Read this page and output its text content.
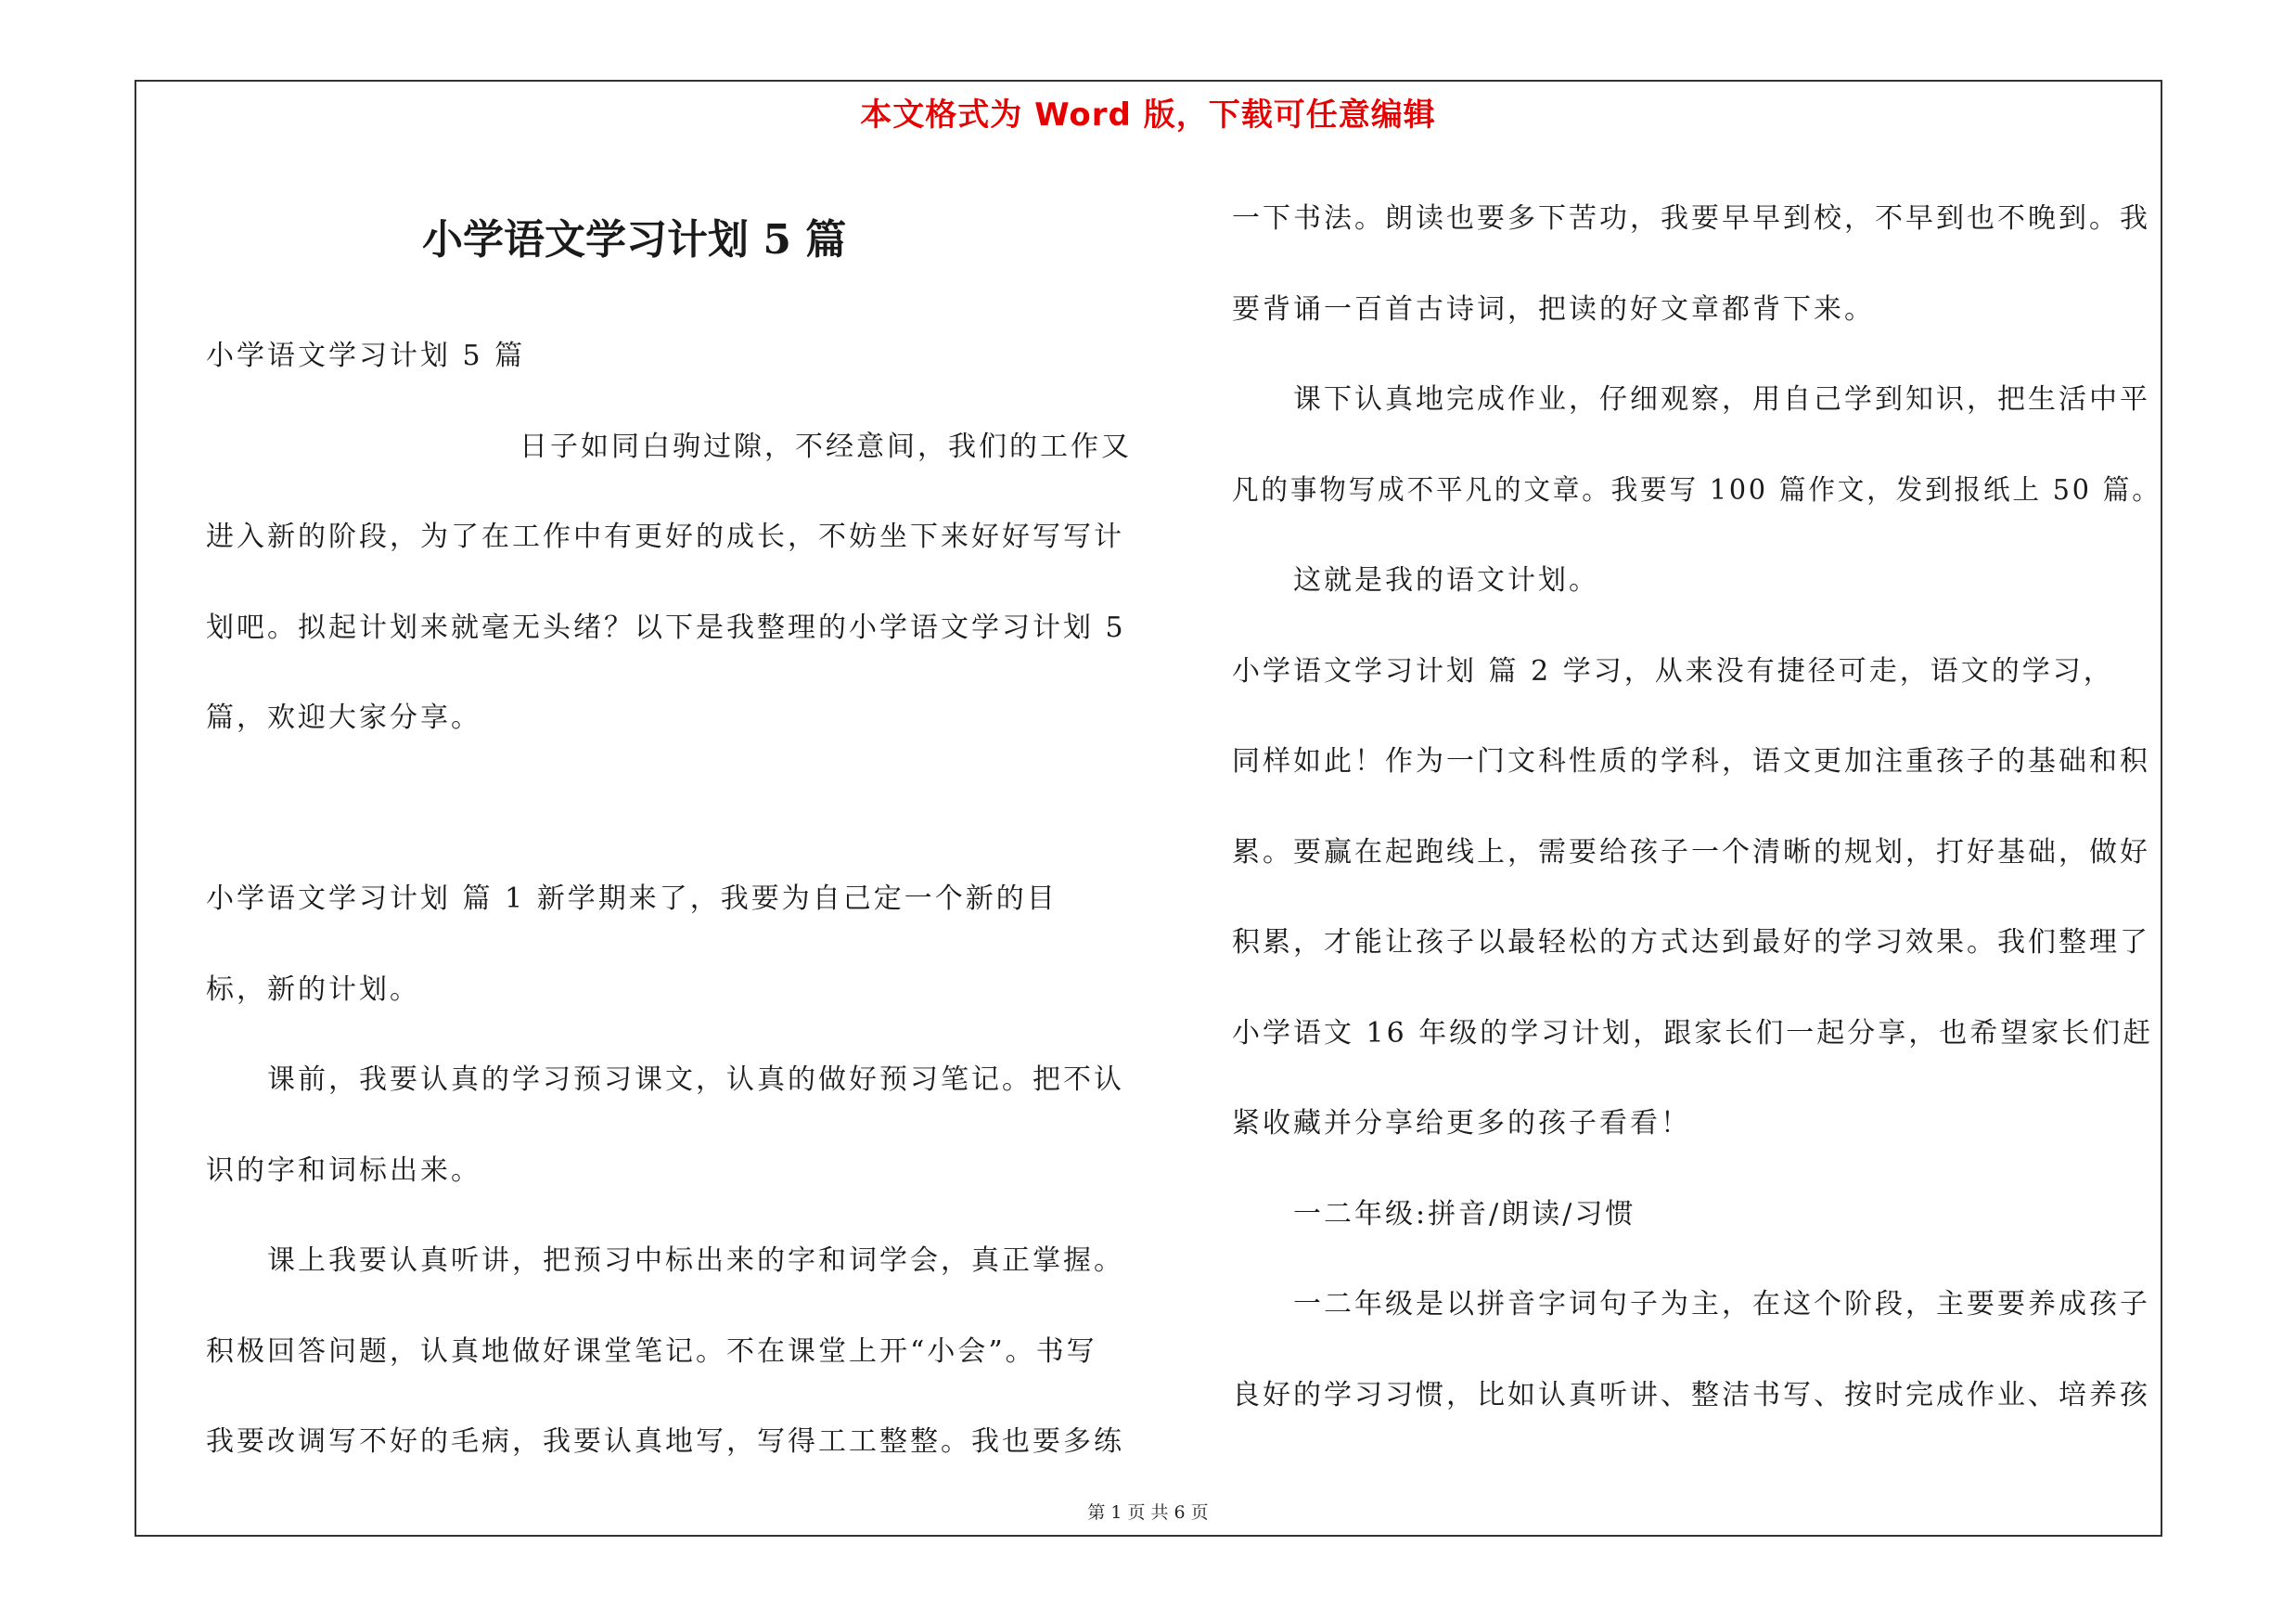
本文格式为 Word 版，下载可任意编辑
小学语文学习计划 5 篇
小学语文学习计划 5 篇
日子如同白驹过隙，不经意间，我们的工作又
进入新的阶段，为了在工作中有更好的成长，不妨坐下来好好写写计
划吧。拟起计划来就毫无头绪？以下是我整理的小学语文学习计划 5
篇，欢迎大家分享。
小学语文学习计划 篇 1 新学期来了，我要为自己定一个新的目
标，新的计划。
课前，我要认真的学习预习课文，认真的做好预习笔记。把不认
识的字和词标出来。
课上我要认真听讲，把预习中标出来的字和词学会，真正掌握。
积极回答问题，认真地做好课堂笔记。不在课堂上开“小会”。书写
我要改调写不好的毛病，我要认真地写，写得工工整整。我也要多练
一下书法。朗读也要多下苦功，我要早早到校，不早到也不晚到。我
要背诵一百首古诗词，把读的好文章都背下来。
课下认真地完成作业，仔细观察，用自己学到知识，把生活中平
凡的事物写成不平凡的文章。我要写 100 篇作文，发到报纸上 50 篇。
这就是我的语文计划。
小学语文学习计划 篇 2 学习，从来没有捷径可走，语文的学习，
同样如此！作为一门文科性质的学科，语文更加注重孩子的基础和积
累。要赢在起跑线上，需要给孩子一个清晰的规划，打好基础，做好
积累，才能让孩子以最轻松的方式达到最好的学习效果。我们整理了
小学语文 16 年级的学习计划，跟家长们一起分享，也希望家长们赶
紧收藏并分享给更多的孩子看看！
一二年级:拼音/朗读/习惯
一二年级是以拼音字词句子为主，在这个阶段，主要要养成孩子
良好的学习习惯，比如认真听讲、整洁书写、按时完成作业、培养孩
第 1 页 共 6 页
